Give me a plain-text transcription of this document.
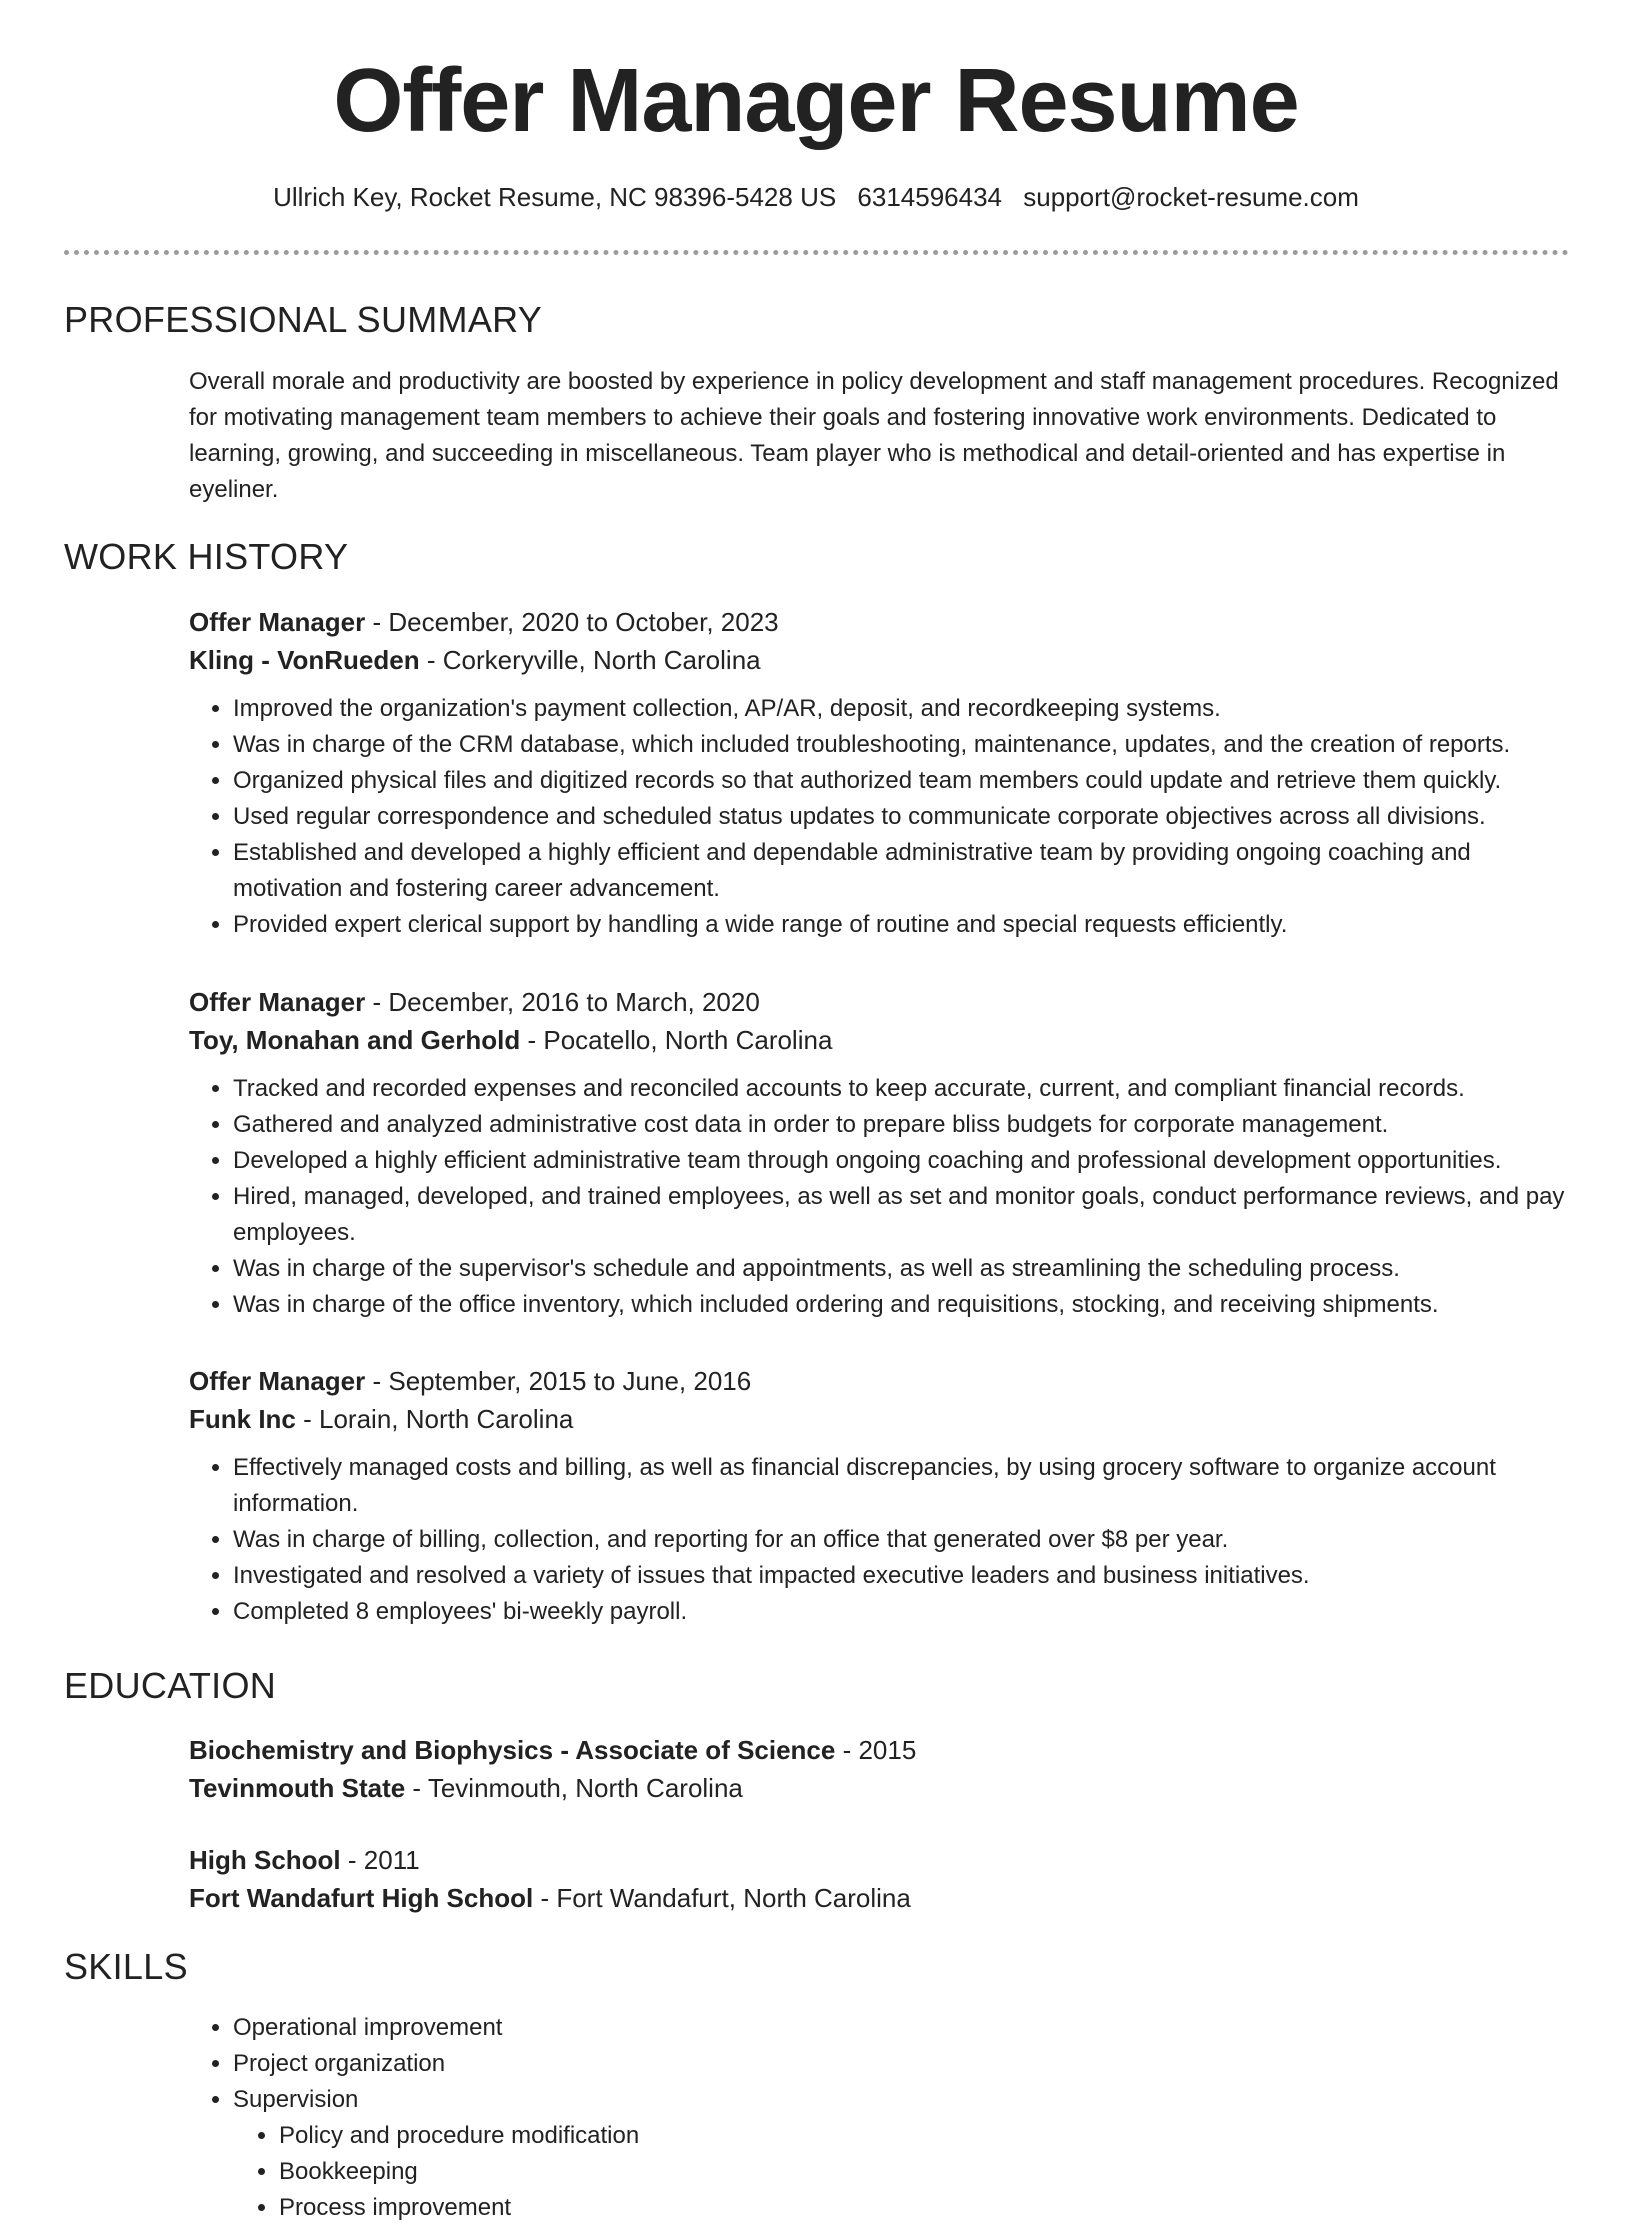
Offer Manager Resume
Ullrich Key, Rocket Resume, NC 98396-5428 US 6314596434 support@rocket-resume.com
PROFESSIONAL SUMMARY

Overall morale and productivity are boosted by experience in policy development and staff management procedures. Recognized for motivating management team members to achieve their goals and fostering innovative work environments. Dedicated to learning, growing, and succeeding in miscellaneous. Team player who is methodical and detail-oriented and has expertise in eyeliner.

WORK HISTORY
Offer Manager - December, 2020 to October, 2023
Kling - VonRueden - Corkeryville, North Carolina
• Improved the organization's payment collection, AP/AR, deposit, and recordkeeping systems.
• Was in charge of the CRM database, which included troubleshooting, maintenance, updates, and the creation of reports.
• Organized physical files and digitized records so that authorized team members could update and retrieve them quickly.
• Used regular correspondence and scheduled status updates to communicate corporate objectives across all divisions.
• Established and developed a highly efficient and dependable administrative team by providing ongoing coaching and motivation and fostering career advancement.
• Provided expert clerical support by handling a wide range of routine and special requests efficiently.
Offer Manager - December, 2016 to March, 2020
Toy, Monahan and Gerhold - Pocatello, North Carolina
• Tracked and recorded expenses and reconciled accounts to keep accurate, current, and compliant financial records.
• Gathered and analyzed administrative cost data in order to prepare bliss budgets for corporate management.
• Developed a highly efficient administrative team through ongoing coaching and professional development opportunities.
• Hired, managed, developed, and trained employees, as well as set and monitor goals, conduct performance reviews, and pay employees.
• Was in charge of the supervisor's schedule and appointments, as well as streamlining the scheduling process.
• Was in charge of the office inventory, which included ordering and requisitions, stocking, and receiving shipments.
Offer Manager - September, 2015 to June, 2016
Funk Inc - Lorain, North Carolina
• Effectively managed costs and billing, as well as financial discrepancies, by using grocery software to organize account information.
• Was in charge of billing, collection, and reporting for an office that generated over $8 per year.
• Investigated and resolved a variety of issues that impacted executive leaders and business initiatives.
• Completed 8 employees' bi-weekly payroll.
EDUCATION
Biochemistry and Biophysics - Associate of Science - 2015
Tevinmouth State - Tevinmouth, North Carolina
High School - 2011
Fort Wandafurt High School - Fort Wandafurt, North Carolina
SKILLS
• Operational improvement
• Project organization
• Supervision
• Policy and procedure modification
• Bookkeeping
• Process improvement
